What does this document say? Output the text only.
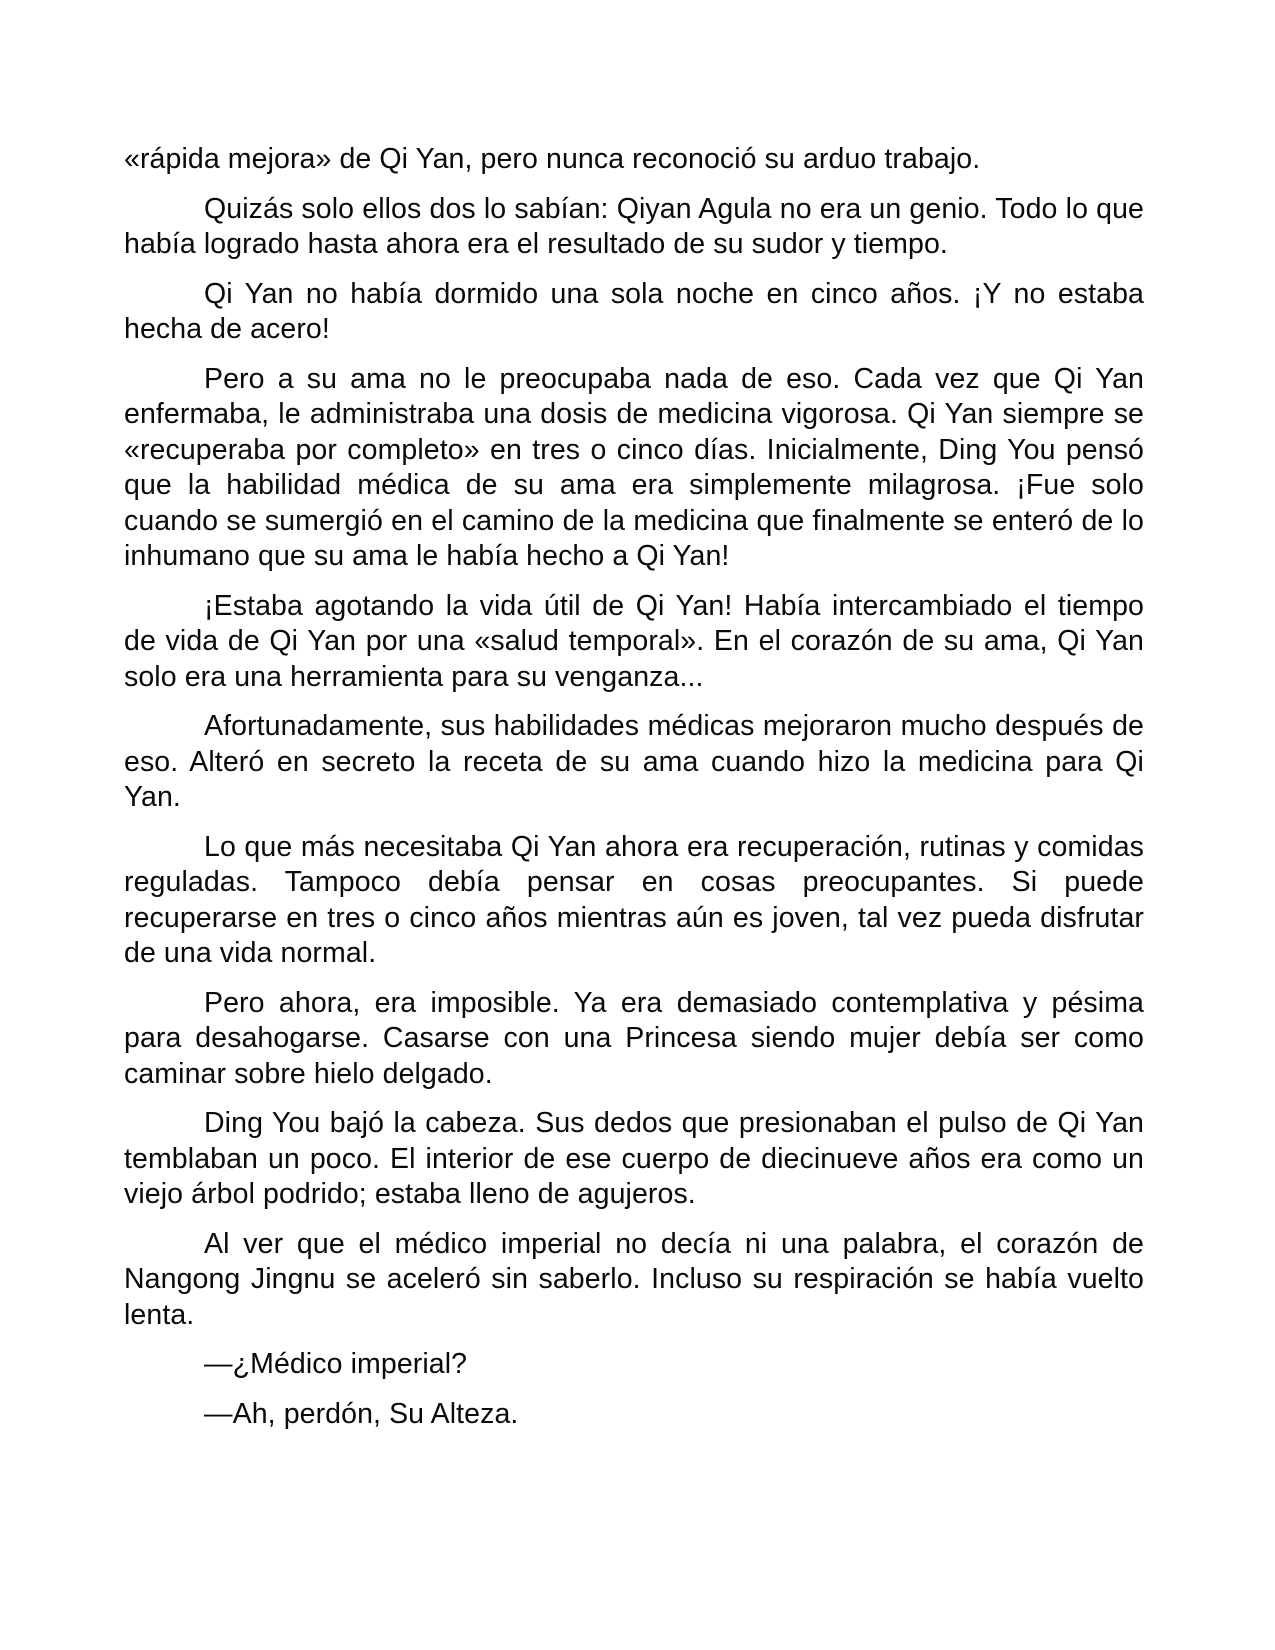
«rápida mejora» de Qi Yan, pero nunca reconoció su arduo trabajo.

Quizás solo ellos dos lo sabían: Qiyan Agula no era un genio. Todo lo que había logrado hasta ahora era el resultado de su sudor y tiempo.

Qi Yan no había dormido una sola noche en cinco años. ¡Y no estaba hecha de acero!

Pero a su ama no le preocupaba nada de eso. Cada vez que Qi Yan enfermaba, le administraba una dosis de medicina vigorosa. Qi Yan siempre se «recuperaba por completo» en tres o cinco días. Inicialmente, Ding You pensó que la habilidad médica de su ama era simplemente milagrosa. ¡Fue solo cuando se sumergió en el camino de la medicina que finalmente se enteró de lo inhumano que su ama le había hecho a Qi Yan!

¡Estaba agotando la vida útil de Qi Yan! Había intercambiado el tiempo de vida de Qi Yan por una «salud temporal». En el corazón de su ama, Qi Yan solo era una herramienta para su venganza...

Afortunadamente, sus habilidades médicas mejoraron mucho después de eso. Alteró en secreto la receta de su ama cuando hizo la medicina para Qi Yan.

Lo que más necesitaba Qi Yan ahora era recuperación, rutinas y comidas reguladas. Tampoco debía pensar en cosas preocupantes. Si puede recuperarse en tres o cinco años mientras aún es joven, tal vez pueda disfrutar de una vida normal.

Pero ahora, era imposible. Ya era demasiado contemplativa y pésima para desahogarse. Casarse con una Princesa siendo mujer debía ser como caminar sobre hielo delgado.

Ding You bajó la cabeza. Sus dedos que presionaban el pulso de Qi Yan temblaban un poco. El interior de ese cuerpo de diecinueve años era como un viejo árbol podrido; estaba lleno de agujeros.

Al ver que el médico imperial no decía ni una palabra, el corazón de Nangong Jingnu se aceleró sin saberlo. Incluso su respiración se había vuelto lenta.

—¿Médico imperial?

—Ah, perdón, Su Alteza.
